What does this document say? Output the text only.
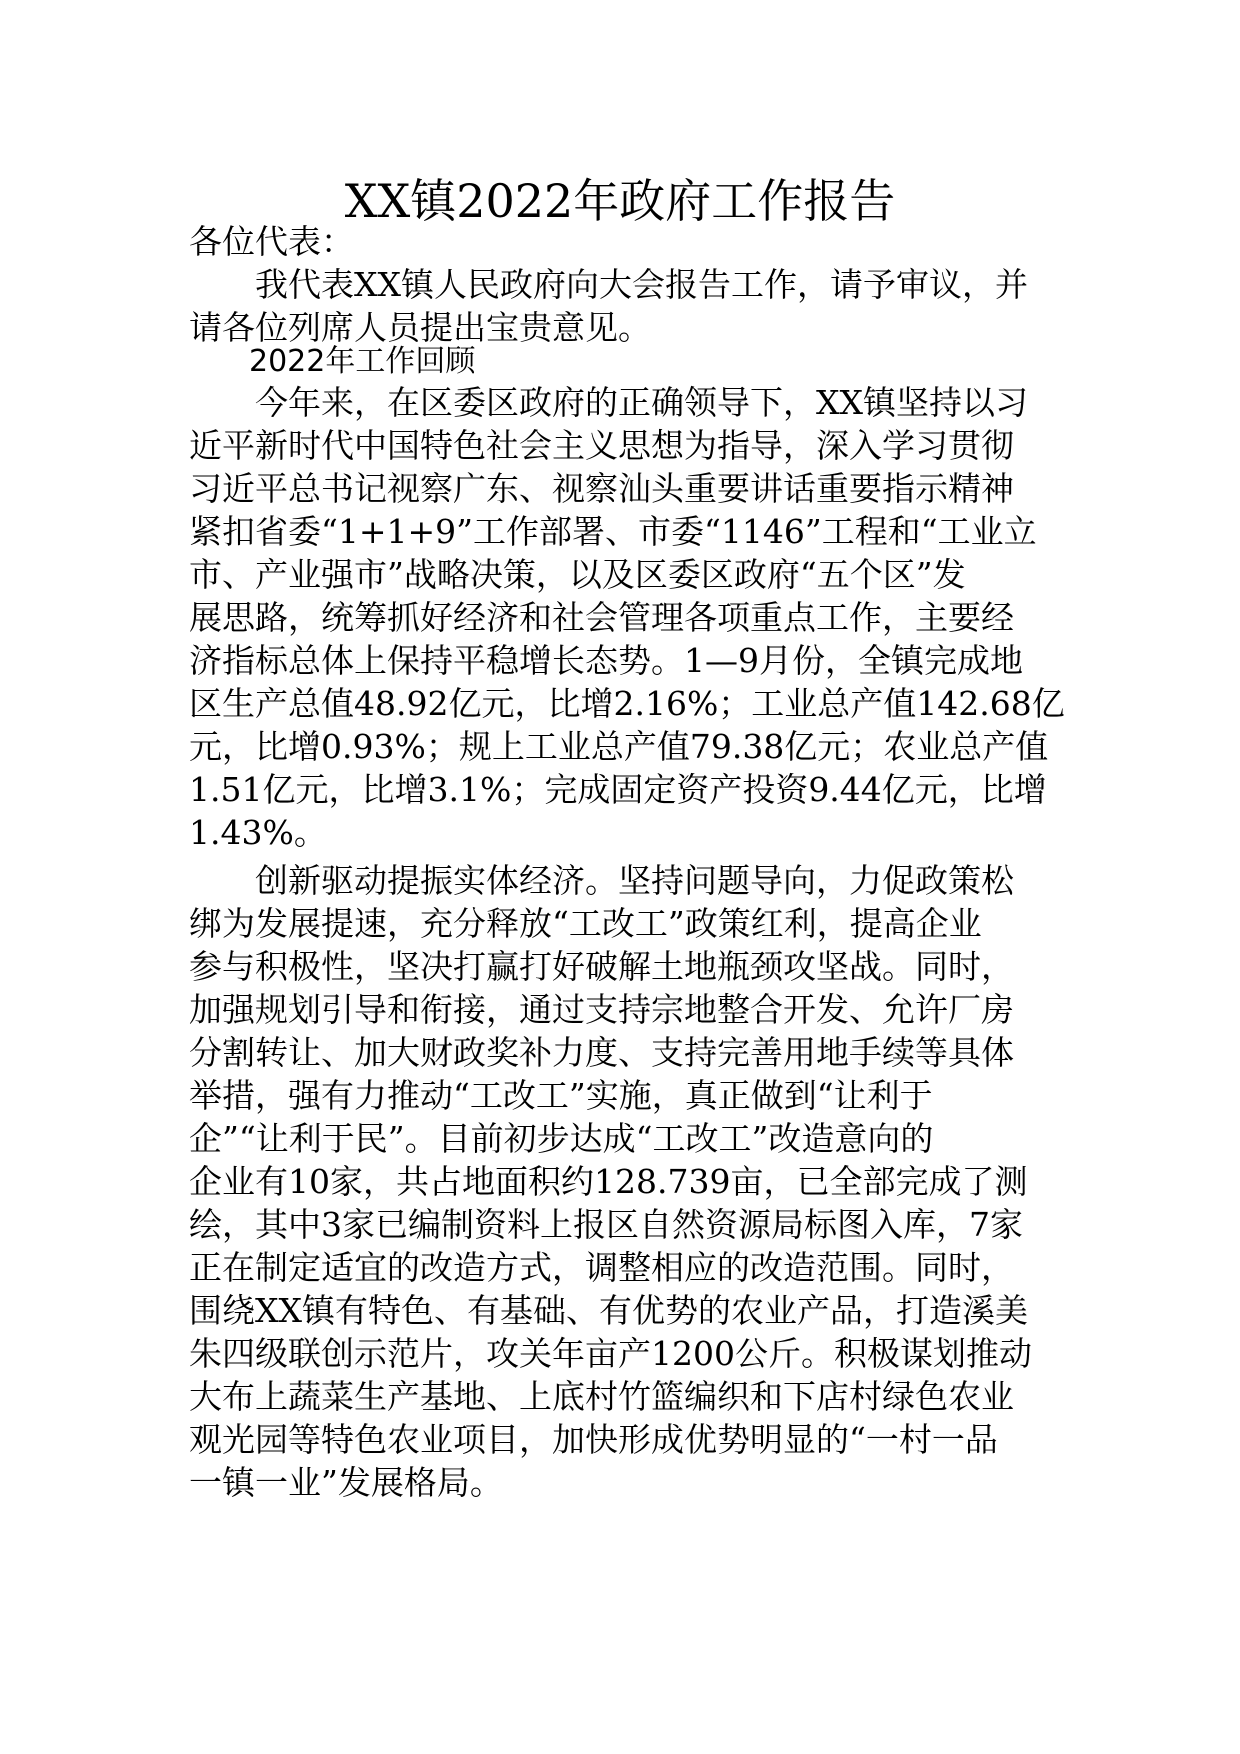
XX镇2022年政府工作报告
各位代表：
　　我代表XX镇人民政府向大会报告工作，请予审议，并
请各位列席人员提出宝贵意见。
　　2022年工作回顾
　　今年来，在区委区政府的正确领导下，XX镇坚持以习
近平新时代中国特色社会主义思想为指导，深入学习贯彻
习近平总书记视察广东、视察汕头重要讲话重要指示精神
紧扣省委“1+1+9”工作部署、市委“1146”工程和“工业立
市、产业强市”战略决策，以及区委区政府“五个区”发
展思路，统筹抓好经济和社会管理各项重点工作，主要经
济指标总体上保持平稳增长态势。1—9月份，全镇完成地
区生产总值48.92亿元，比增2.16%；工业总产值142.68亿
元，比增0.93%；规上工业总产值79.38亿元；农业总产值
1.51亿元，比增3.1%；完成固定资产投资9.44亿元，比增
1.43%。
　　创新驱动提振实体经济。坚持问题导向，力促政策松
绑为发展提速，充分释放“工改工”政策红利，提高企业
参与积极性，坚决打赢打好破解土地瓶颈攻坚战。同时，
加强规划引导和衔接，通过支持宗地整合开发、允许厂房
分割转让、加大财政奖补力度、支持完善用地手续等具体
举措，强有力推动“工改工”实施，真正做到“让利于
企”“让利于民”。目前初步达成“工改工”改造意向的
企业有10家，共占地面积约128.739亩，已全部完成了测
绘，其中3家已编制资料上报区自然资源局标图入库，7家
正在制定适宜的改造方式，调整相应的改造范围。同时，
围绕XX镇有特色、有基础、有优势的农业产品，打造溪美
朱四级联创示范片，攻关年亩产1200公斤。积极谋划推动
大布上蔬菜生产基地、上底村竹篮编织和下店村绿色农业
观光园等特色农业项目，加快形成优势明显的“一村一品
一镇一业”发展格局。
